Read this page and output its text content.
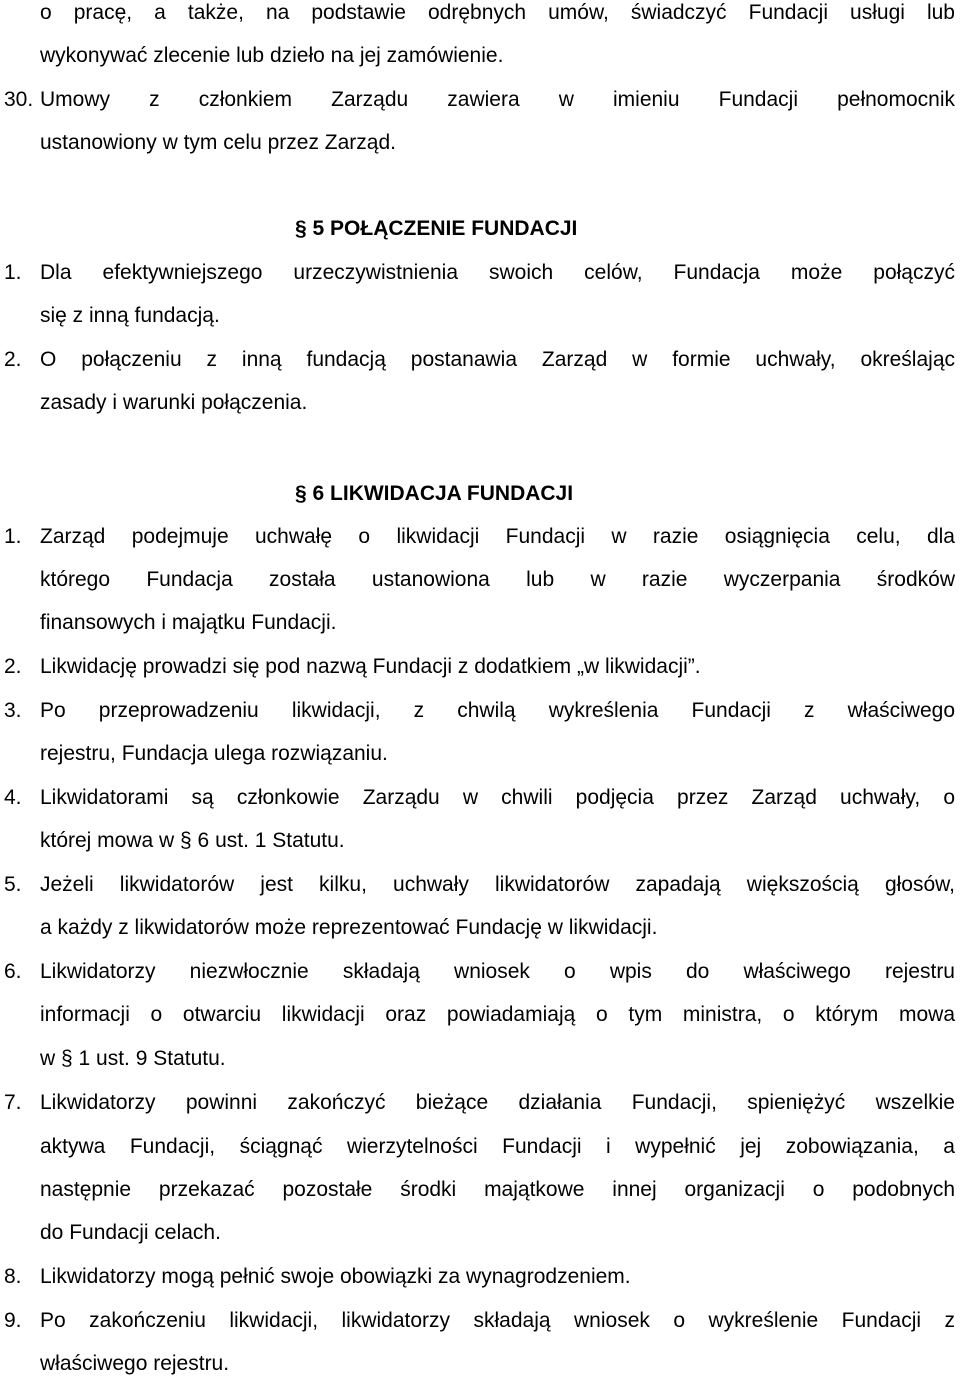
§ 5 POŁĄCZENIE FUNDACJI
§ 6 LIKWIDACJA FUNDACJI
o pracę, a także, na podstawie odrębnych umów, świadczyć Fundacji usługi lub
wykonywać zlecenie lub dzieło na jej zamówienie.
30. Umowy z członkiem Zarządu zawiera w imieniu Fundacji pełnomocnik
ustanowiony w tym celu przez Zarząd.
1. Dla efektywniejszego urzeczywistnienia swoich celów, Fundacja może połączyć
się z inną fundacją.
2. O połączeniu z inną fundacją postanawia Zarząd w formie uchwały, określając
zasady i warunki połączenia.
1. Zarząd podejmuje uchwałę o likwidacji Fundacji w razie osiągnięcia celu, dla
którego Fundacja została ustanowiona lub w razie wyczerpania środków
finansowych i majątku Fundacji.
2. Likwidację prowadzi się pod nazwą Fundacji z dodatkiem „w likwidacji”.
3. Po przeprowadzeniu likwidacji, z chwilą wykreślenia Fundacji z właściwego
rejestru, Fundacja ulega rozwiązaniu.
4. Likwidatorami są członkowie Zarządu w chwili podjęcia przez Zarząd uchwały, o
której mowa w § 6 ust. 1 Statutu.
5. Jeżeli likwidatorów jest kilku, uchwały likwidatorów zapadają większością głosów,
a każdy z likwidatorów może reprezentować Fundację w likwidacji.
6. Likwidatorzy niezwłocznie składają wniosek o wpis do właściwego rejestru
informacji o otwarciu likwidacji oraz powiadamiają o tym ministra, o którym mowa
w § 1 ust. 9 Statutu.
7. Likwidatorzy powinni zakończyć bieżące działania Fundacji, spieniężyć wszelkie
aktywa Fundacji, ściągnąć wierzytelności Fundacji i wypełnić jej zobowiązania, a
następnie przekazać pozostałe środki majątkowe innej organizacji o podobnych
do Fundacji celach.
8. Likwidatorzy mogą pełnić swoje obowiązki za wynagrodzeniem.
9. Po zakończeniu likwidacji, likwidatorzy składają wniosek o wykreślenie Fundacji z
właściwego rejestru.
